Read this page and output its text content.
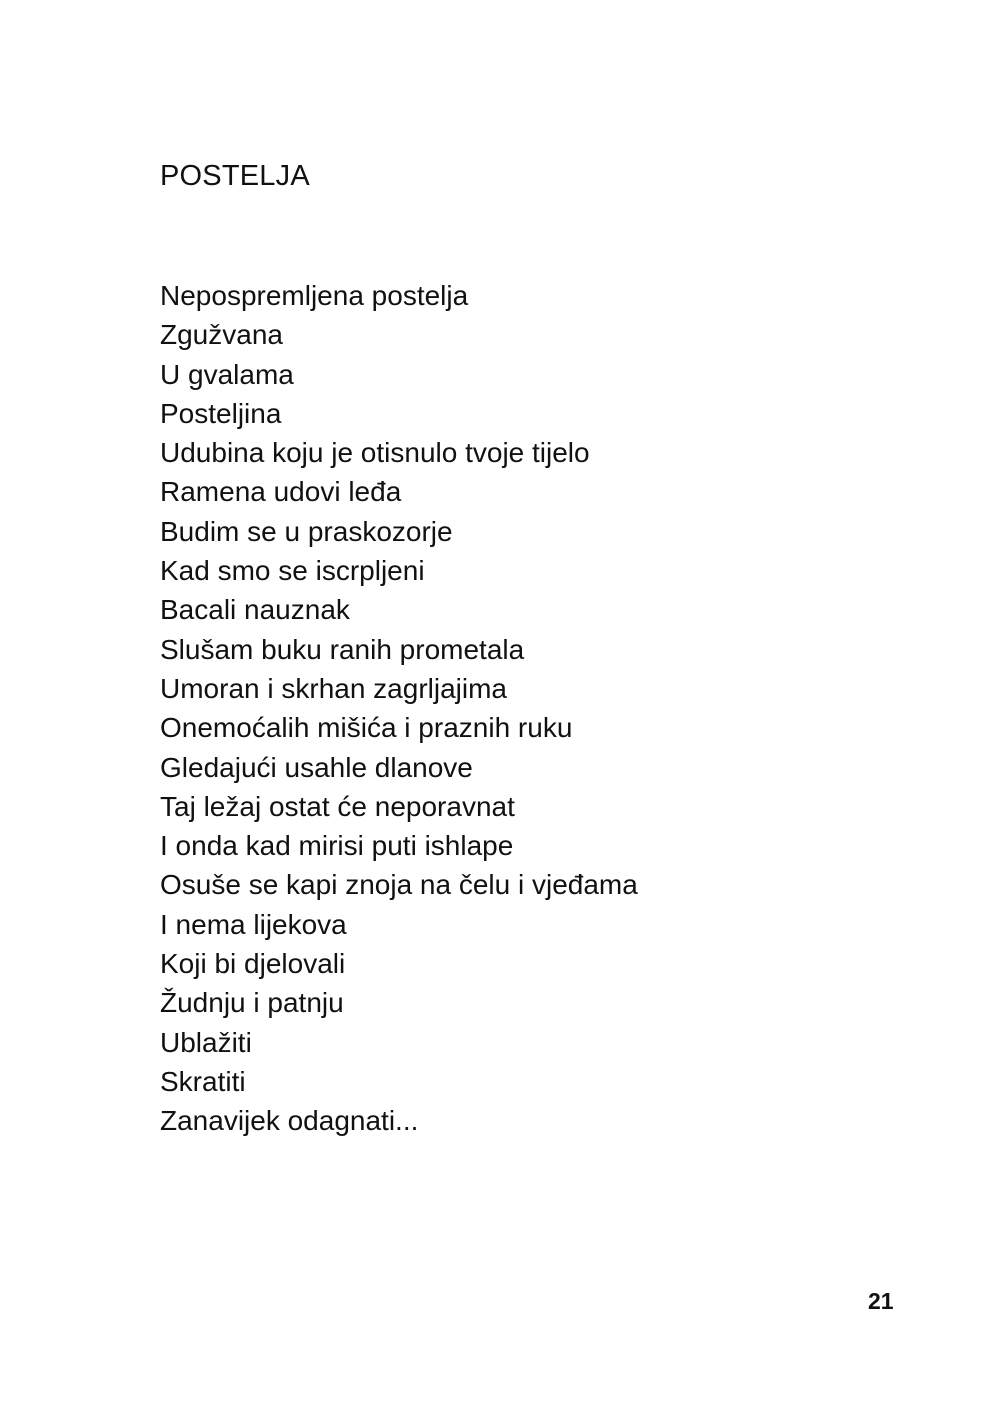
POSTELJA
Nepospremljena postelja
Zgužvana
U gvalama
Posteljina
Udubina koju je otisnulo tvoje tijelo
Ramena udovi leđa
Budim se u praskozorje
Kad smo se iscrpljeni
Bacali nauznak
Slušam buku ranih prometala
Umoran i skrhan zagrljajima
Onemoćalih mišića i praznih ruku
Gledajući usahle dlanove
Taj ležaj ostat će neporavnat
I onda kad mirisi puti ishlape
Osuše se kapi znoja na čelu i vjeđama
I nema lijekova
Koji bi djelovali
Žudnju i patnju
Ublažiti
Skratiti
Zanavijek odagnati...
21
